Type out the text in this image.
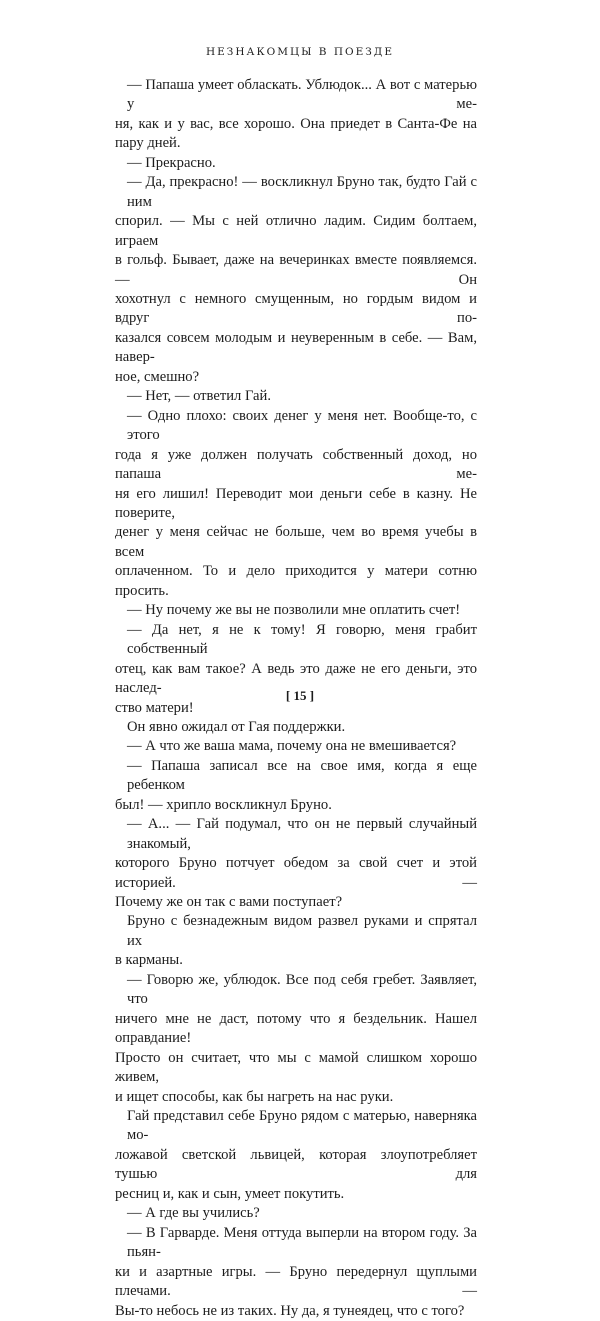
НЕЗНАКОМЦЫ В ПОЕЗДЕ
— Папаша умеет обласкать. Ублюдок... А вот с матерью у ме-
ня, как и у вас, все хорошо. Она приедет в Санта-Фе на пару дней.
— Прекрасно.
— Да, прекрасно! — воскликнул Бруно так, будто Гай с ним
спорил. — Мы с ней отлично ладим. Сидим болтаем, играем
в гольф. Бывает, даже на вечеринках вместе появляемся. — Он
хохотнул с немного смущенным, но гордым видом и вдруг по-
казался совсем молодым и неуверенным в себе. — Вам, навер-
ное, смешно?
— Нет, — ответил Гай.
— Одно плохо: своих денег у меня нет. Вообще-то, с этого
года я уже должен получать собственный доход, но папаша ме-
ня его лишил! Переводит мои деньги себе в казну. Не поверите,
денег у меня сейчас не больше, чем во время учебы в всем
оплаченном. То и дело приходится у матери сотню просить.
— Ну почему же вы не позволили мне оплатить счет!
— Да нет, я не к тому! Я говорю, меня грабит собственный
отец, как вам такое? А ведь это даже не его деньги, это наслед-
ство матери!
Он явно ожидал от Гая поддержки.
— А что же ваша мама, почему она не вмешивается?
— Папаша записал все на свое имя, когда я еще ребенком
был! — хрипло воскликнул Бруно.
— А... — Гай подумал, что он не первый случайный знакомый,
которого Бруно потчует обедом за свой счет и этой историей. —
Почему же он так с вами поступает?
Бруно с безнадежным видом развел руками и спрятал их
в карманы.
— Говорю же, ублюдок. Все под себя гребет. Заявляет, что
ничего мне не даст, потому что я бездельник. Нашел оправдание!
Просто он считает, что мы с мамой слишком хорошо живем,
и ищет способы, как бы нагреть на нас руки.
Гай представил себе Бруно рядом с матерью, наверняка мо-
ложавой светской львицей, которая злоупотребляет тушью для
ресниц и, как и сын, умеет покутить.
— А где вы учились?
— В Гарварде. Меня оттуда выперли на втором году. За пьян-
ки и азартные игры. — Бруно передернул щуплыми плечами. —
Вы-то небось не из таких. Ну да, я тунеядец, что с того?
[ 15 ]
